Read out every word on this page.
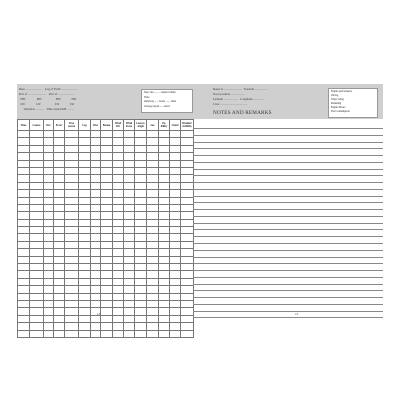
Date ...................... Log of Yacht ......................
Port of ........................ Port of ......................
HW	HW	HW	HW
LW	LW	LW	LW
Variation ............ Time zone/GMT ........
Days run .......... nautical miles
Time
underway ...... hours ....... mins
Average speed ...... knots
Route to ........................ Towards ..................
Noon position ..................
Latitude .................... Longitude ...............
Crew ....................................
Engine performance
Oil/log
Water rating
Refueling
Engine Hours
Fuel consumption
NOTES AND REMARKS
Time	Course	Dev	Error	True course	Log	Dist	Barom	Wind Dir	Wind Force	Leeway Angle	Sea	Vis-ibility	Cloud	Weather/ visibility

18	19
